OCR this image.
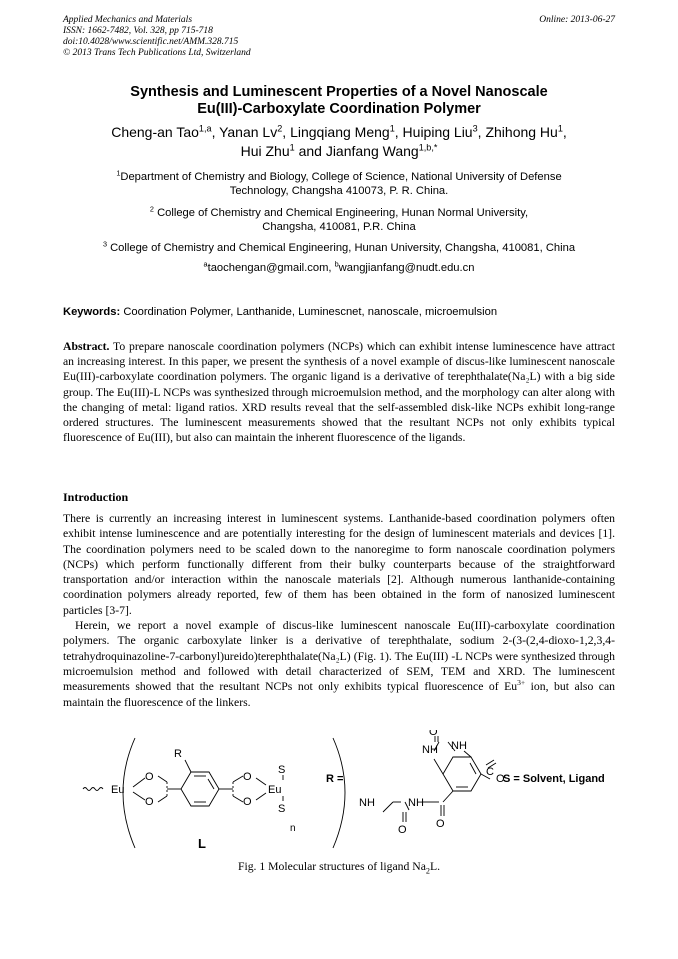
Applied Mechanics and Materials
ISSN: 1662-7482, Vol. 328, pp 715-718
doi:10.4028/www.scientific.net/AMM.328.715
© 2013 Trans Tech Publications Ltd, Switzerland
Online: 2013-06-27
Synthesis and Luminescent Properties of a Novel Nanoscale
Eu(III)-Carboxylate Coordination Polymer
Cheng-an Tao$^{1,a}$, Yanan Lv$^2$, Lingqiang Meng$^1$, Huiping Liu$^3$, Zhihong Hu$^1$,
Hui Zhu$^1$ and Jianfang Wang$^{1,b,*}$
$^1$Department of Chemistry and Biology, College of Science, National University of Defense
Technology, Changsha 410073, P. R. China.
$^2$ College of Chemistry and Chemical Engineering, Hunan Normal University,
Changsha, 410081, P.R. China
$^3$ College of Chemistry and Chemical Engineering, Hunan University, Changsha, 410081, China
$^a$taochengan@gmail.com, $^b$wangjianfang@nudt.edu.cn
Keywords: Coordination Polymer, Lanthanide, Luminescnet, nanoscale, microemulsion
Abstract. To prepare nanoscale coordination polymers (NCPs) which can exhibit intense luminescence have attract an increasing interest. In this paper, we present the synthesis of a novel example of discus-like luminescent nanoscale Eu(III)-carboxylate coordination polymers. The organic ligand is a derivative of terephthalate(Na₂L) with a big side group. The Eu(III)-L NCPs was synthesized through microemulsion method, and the morphology can alter along with the changing of metal: ligand ratios. XRD results reveal that the self-assembled disk-like NCPs exhibit long-range ordered structures. The luminescent measurements showed that the resultant NCPs not only exhibits typical fluorescence of Eu(III), but also can maintain the inherent fluorescence of the ligands.
Introduction

There is currently an increasing interest in luminescent systems. Lanthanide-based coordination polymers often exhibit intense luminescence and are potentially interesting for the design of luminescent materials and devices [1]. The coordination polymers need to be scaled down to the nanoregime to form nanoscale coordination polymers (NCPs) which perform functionally different from their bulky counterparts because of the straightforward transportation and/or interaction within the nanoscale materials [2]. Although numerous lanthanide-containing coordination polymers already reported, few of them has been obtained in the form of nanosized luminescent particles [3-7].

Herein, we report a novel example of discus-like luminescent nanoscale Eu(III)-carboxylate coordination polymers. The organic carboxylate linker is a derivative of terephthalate, sodium 2-(3-(2,4-dioxo-1,2,3,4-tetrahydroquinazoline-7-carbonyl)ureido)terephthalate(Na₂L) (Fig. 1). The Eu(III) -L NCPs were synthesized through microemulsion method and followed with detail characterized of SEM, TEM and XRD. The luminescent measurements showed that the resultant NCPs not only exhibits typical fluorescence of $Eu^{3+}$ ion, but also can maintain the fluorescence of the linkers.

Eu
O
O
R
O
O
S
Eu
S
n
L
R =
O
NH NH
C
O
NH
NH
O
O
S = Solvent, Ligand
Fig. 1 Molecular structures of ligand $Na_2L$.
